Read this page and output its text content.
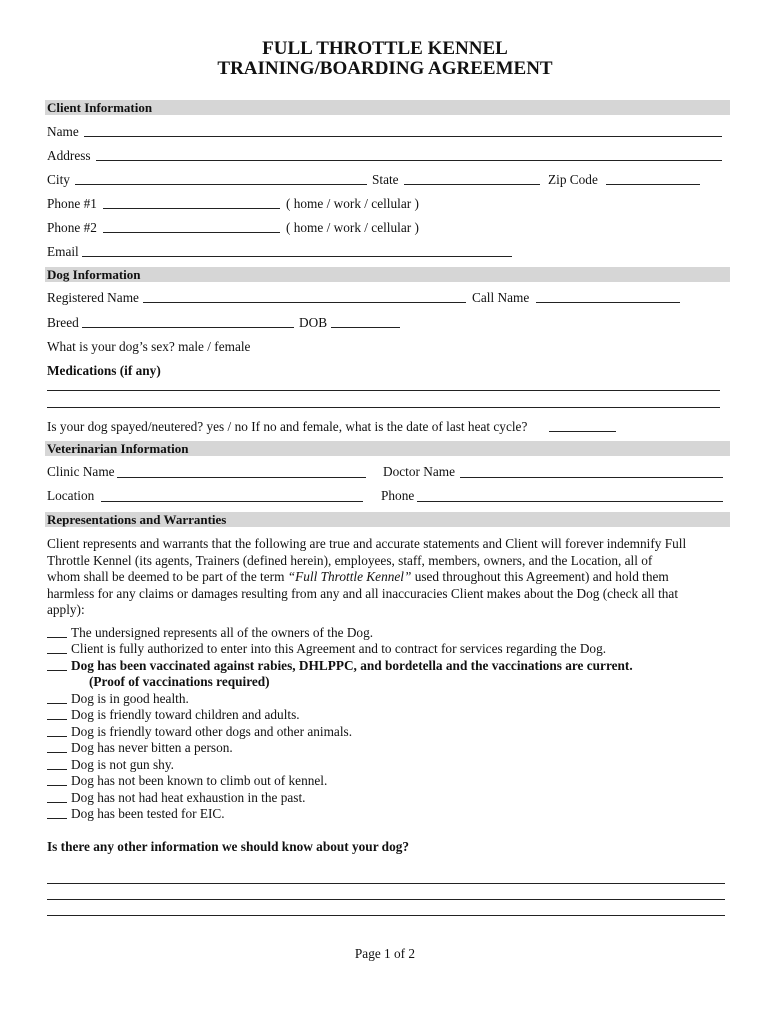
FULL THROTTLE KENNEL
TRAINING/BOARDING AGREEMENT
Client Information
Name
Address
City	State	Zip Code
Phone #1	( home / work / cellular )
Phone #2	( home / work / cellular )
Email
Dog Information
Registered Name	Call Name
Breed	DOB
What is your dog’s sex? male / female
Medications (if any)
Is your dog spayed/neutered? yes / no If no and female, what is the date of last heat cycle?
Veterinarian Information
Clinic Name	Doctor Name
Location	Phone
Representations and Warranties
Client represents and warrants that the following are true and accurate statements and Client will forever indemnify Full
Throttle Kennel (its agents, Trainers (defined herein), employees, staff, members, owners, and the Location, all of
whom shall be deemed to be part of the term “Full Throttle Kennel” used throughout this Agreement) and hold them
harmless for any claims or damages resulting from any and all inaccuracies Client makes about the Dog (check all that
apply):
The undersigned represents all of the owners of the Dog.
Client is fully authorized to enter into this Agreement and to contract for services regarding the Dog.
Dog has been vaccinated against rabies, DHLPPC, and bordetella and the vaccinations are current.
(Proof of vaccinations required)
Dog is in good health.
Dog is friendly toward children and adults.
Dog is friendly toward other dogs and other animals.
Dog has never bitten a person.
Dog is not gun shy.
Dog has not been known to climb out of kennel.
Dog has not had heat exhaustion in the past.
Dog has been tested for EIC.
Is there any other information we should know about your dog?
Page 1 of 2
